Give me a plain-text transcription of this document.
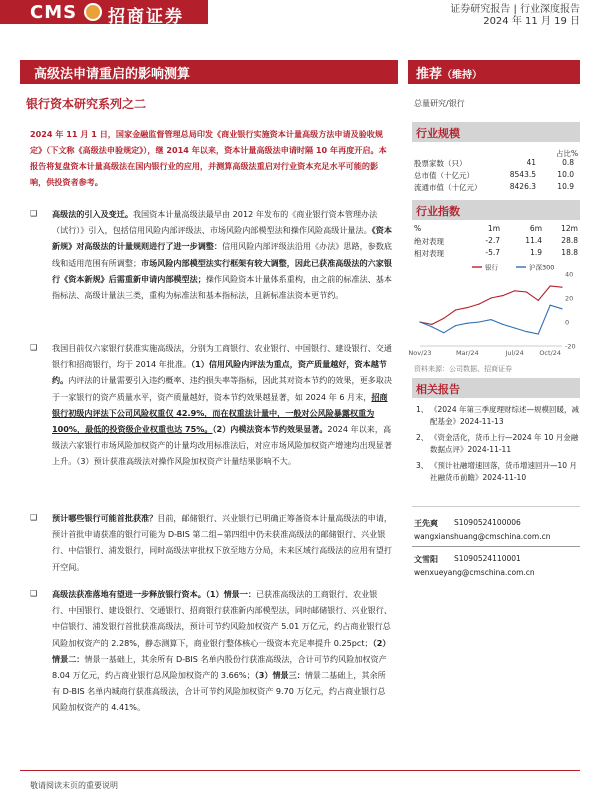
CMS 招商证券	证券研究报告 | 行业深度报告
2024 年 11 月 19 日
高级法申请重启的影响测算	推荐（维持）
银行资本研究系列之二	总量研究/银行
2024 年 11 月 1 日，国家金融监督管理总局印发《商业银行实施资本计量高级方法申请及验收规定》（下文称《高级法申验规定》），继 2014 年以来，资本计量高级法申请时隔 10 年再度开启。本报告将复盘资本计量高级法在国内银行业的应用，并测算高级法重启对行业资本充足水平可能的影响，供投资者参考。
❑	高级法的引入及变迁。我国资本计量高级法最早由 2012 年发布的《商业银行资本管理办法（试行）》引入，包括信用风险内部评级法、市场风险内部模型法和操作风险高级计量法。《资本新规》对高级法的计量规则进行了进一步调整：信用风险内部评级法沿用《办法》思路，参数底线和适用范围有所调整；市场风险内部模型法实行框架有较大调整，因此已获准高级法的六家银行《资本新规》后需重新申请内部模型法；操作风险资本计量体系重构，由之前的标准法、基本指标法、高级计量法三类，重构为标准法和基本指标法，且新标准法资本更节约。
❑	我国目前仅六家银行获准实施高级法，分别为工商银行、农业银行、中国银行、建设银行、交通银行和招商银行，均于 2014 年批准。（1）信用风险内评法为重点，资产质量越好，资本越节约。内评法的计量需要引入违约概率、违约损失率等指标，因此其对资本节约的效果，更多取决于一家银行的资产质量水平，资产质量越好，资本节约效果越显著，如 2024 年 6 月末，招商银行初级内评法下公司风险权重仅 42.9%，而在权重法计量中，一般对公风险暴露权重为 100%，最低的投资级企业权重也达 75%。（2）内模法资本节约效果显著。2024 年以来，高级法六家银行市场风险加权资产的计量均改用标准法后，对应市场风险加权资产增速均出现显著上升。（3）预计获准高级法对操作风险加权资产计量结果影响不大。
❑	预计哪些银行可能首批获准？目前，邮储银行、兴业银行已明确正筹备资本计量高级法的申请，预计首批申请获准的银行可能为 D-BIS 第二组~第四组中仍未获准高级法的邮储银行、兴业银行、中信银行、浦发银行，同时高级法审批权下放至地方分局，未来区域行高级法的应用有望打开空间。
❑	高级法获准落地有望进一步释放银行资本。（1）情景一：已获准高级法的工商银行、农业银行、中国银行、建设银行、交通银行、招商银行获准新内部模型法，同时邮储银行、兴业银行、中信银行、浦发银行首批获准高级法，预计可节约风险加权资产 5.01 万亿元，约占商业银行总风险加权资产的 2.28%，静态测算下，商业银行整体核心一级资本充足率提升 0.25pct；（2）情景二：情景一基础上，其余所有 D-BIS 名单内股份行获准高级法，合计可节约风险加权资产 8.04 万亿元，约占商业银行总风险加权资产的 3.66%；（3）情景三：情景二基础上，其余所有 D-BIS 名单内城商行获准高级法，合计可节约风险加权资产 9.70 万亿元，约占商业银行总风险加权资产的 4.41%。
行业规模
占比%
股票家数（只）	41	0.8
总市值（十亿元）	8543.5	10.0
流通市值（十亿元）	8426.3	10.9
行业指数
%	1m	6m	12m
绝对表现	-2.7	11.4	28.8
相对表现	-5.7	1.9	18.8
40
20
0
-20
Nov/23	Mar/24	Jul/24 Oct/24
银行	沪深300
资料来源：公司数据、招商证券
相关报告
1、 《2024 年第三季度理财综述—规模回暖，减配基金》2024-11-13
2、 《资金活化，货币上行—2024 年 10 月金融数据点评》2024-11-11
3、 《预计社融增速回落，货币增速回升—10 月社融货币前瞻》2024-11-10
王先爽 S1090524100006
wangxianshuang@cmschina.com.cn
文雪阳 S1090524110001
wenxueyang@cmschina.com.cn
敬请阅读末页的重要说明
